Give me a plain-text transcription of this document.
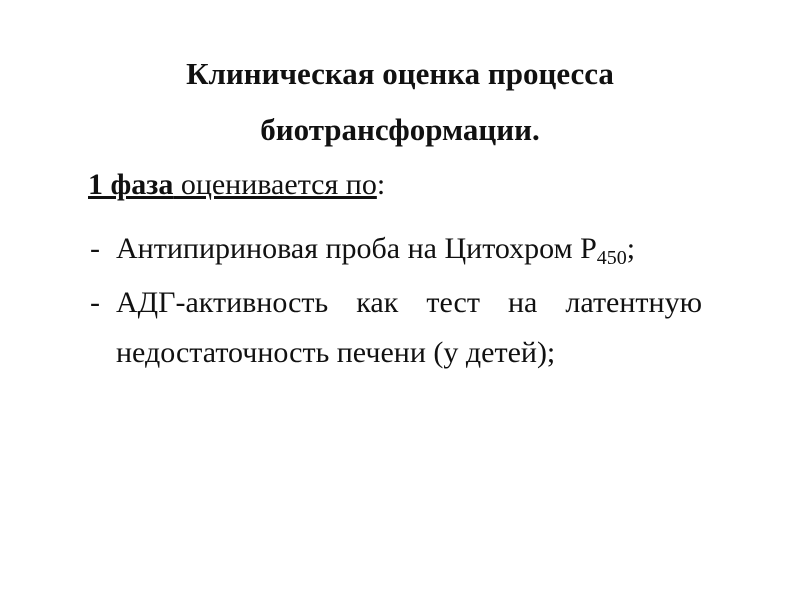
Клиническая оценка процесса
биотрансформации.
1 фаза оценивается по:
- Антипириновая проба на Цитохром $Р_{450}$;
- АДГ-активность как тест на латентную недостаточность печени (у детей);
